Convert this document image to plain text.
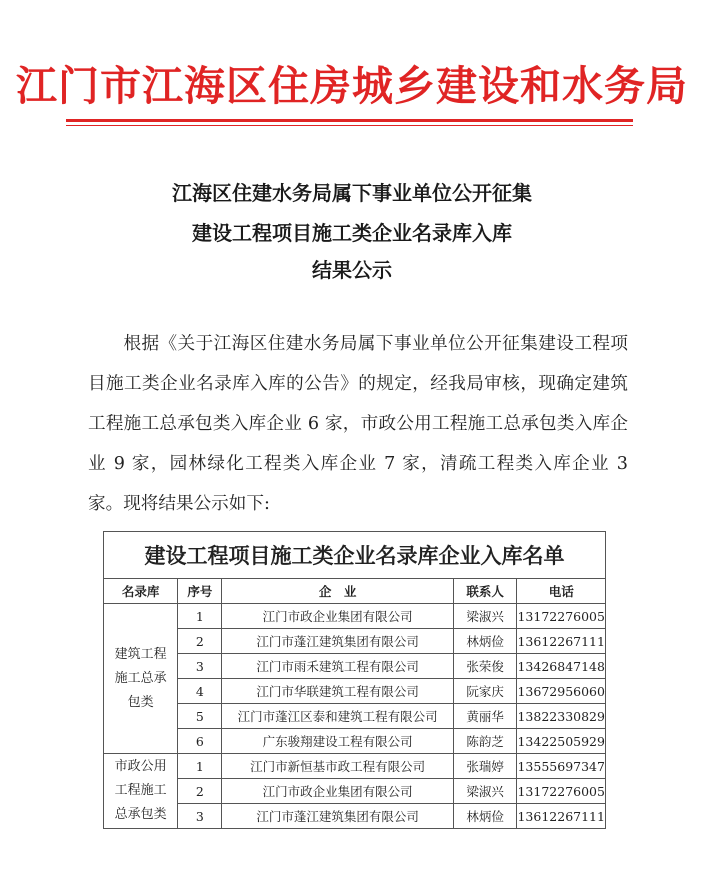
江门市江海区住房城乡建设和水务局
江海区住建水务局属下事业单位公开征集
建设工程项目施工类企业名录库入库
结果公示
根据《关于江海区住建水务局属下事业单位公开征集建设工程项目施工类企业名录库入库的公告》的规定，经我局审核，现确定建筑工程施工总承包类入库企业 6 家，市政公用工程施工总承包类入库企业 9 家，园林绿化工程类入库企业 7 家，清疏工程类入库企业 3 家。现将结果公示如下:
建设工程项目施工类企业名录库企业入库名单				
名录库	序号	企　业	联系人	电话

建筑工程
施工总承
包类	1	江门市政企业集团有限公司	梁淑兴	13172276005
	2	江门市蓬江建筑集团有限公司	林炳俭	13612267111
	3	江门市雨禾建筑工程有限公司	张荣俊	13426847148
	4	江门市华联建筑工程有限公司	阮家庆	13672956060
	5	江门市蓬江区泰和建筑工程有限公司	黄丽华	13822330829
	6	广东骏翔建设工程有限公司	陈韵芝	13422505929

市政公用
工程施工
总承包类	1	江门市新恒基市政工程有限公司	张瑞婷	13555697347
	2	江门市政企业集团有限公司	梁淑兴	13172276005
	3	江门市蓬江建筑集团有限公司	林炳俭	13612267111
